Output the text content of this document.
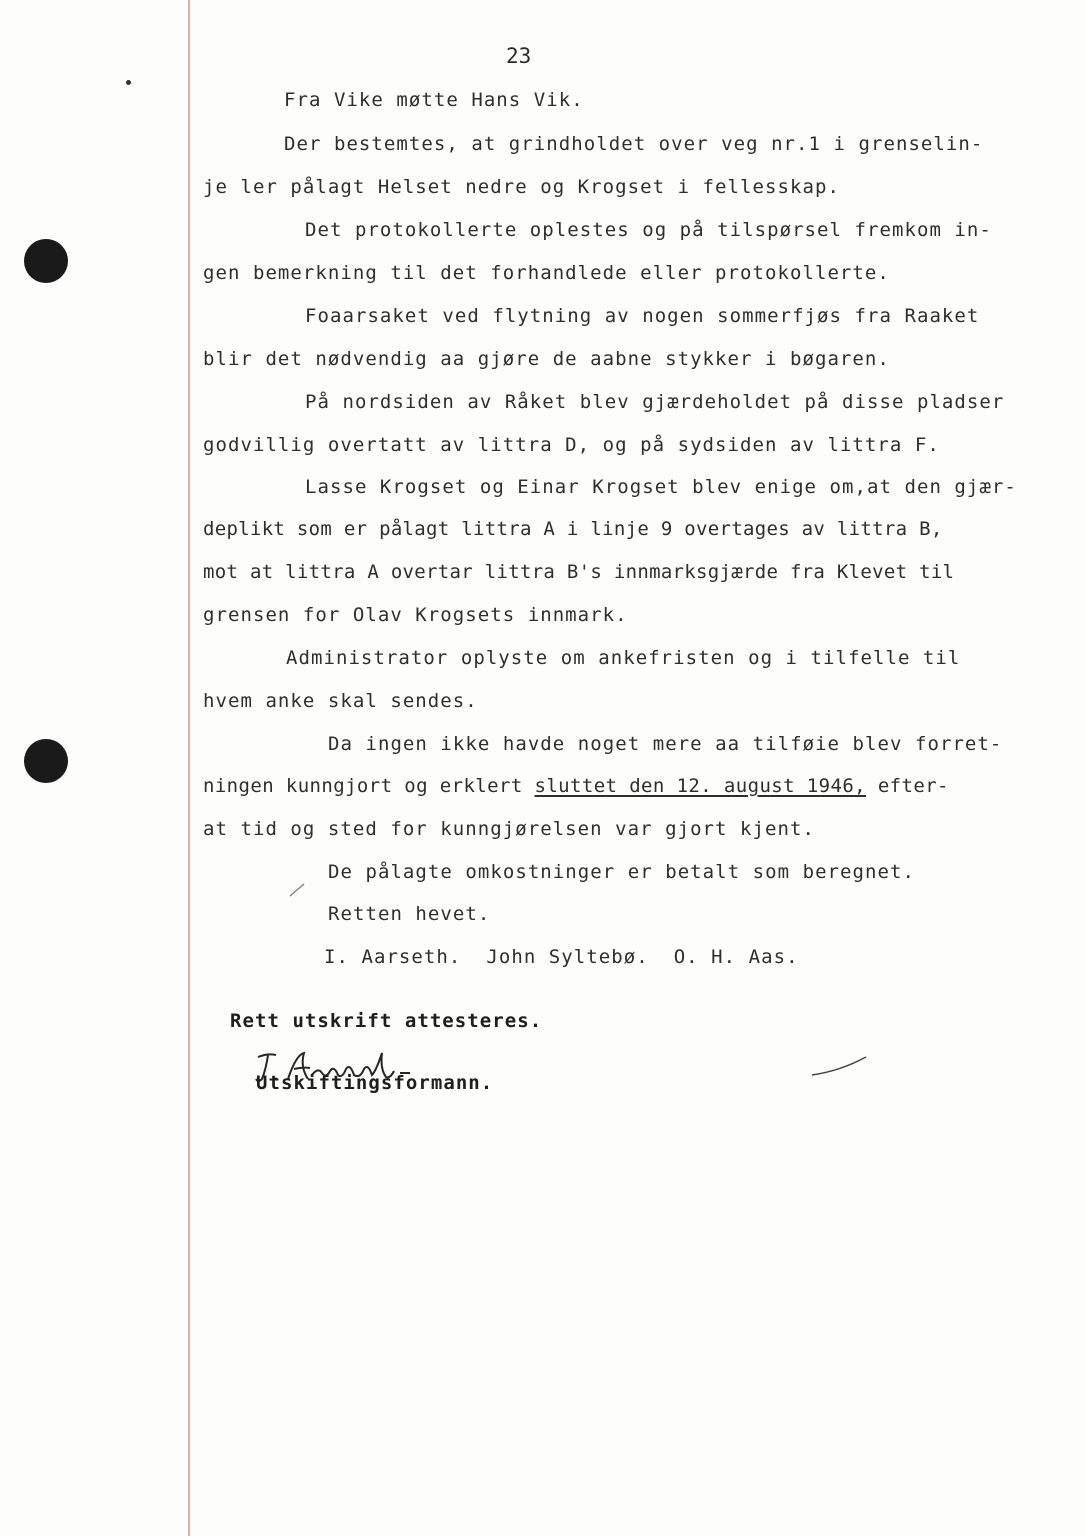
23
Fra Vike møtte Hans Vik.
Der bestemtes, at grindholdet over veg nr.1 i grenselin-
je ler pålagt Helset nedre og Krogset i fellesskap.
Det protokollerte oplestes og på tilspørsel fremkom in-
gen bemerkning til det forhandlede eller protokollerte.
Foaarsaket ved flytning av nogen sommerfjøs fra Raaket
blir det nødvendig aa gjøre de aabne stykker i bøgaren.
På nordsiden av Råket blev gjærdeholdet på disse pladser
godvillig overtatt av littra D, og på sydsiden av littra F.
Lasse Krogset og Einar Krogset blev enige om,at den gjær-
deplikt som er pålagt littra A i linje 9 overtages av littra B,
mot at littra A overtar littra B's innmarksgjærde fra Klevet til
grensen for Olav Krogsets innmark.
Administrator oplyste om ankefristen og i tilfelle til
hvem anke skal sendes.
Da ingen ikke havde noget mere aa tilføie blev forret-
ningen kunngjort og erklert sluttet den 12. august 1946, efter-
at tid og sted for kunngjørelsen var gjort kjent.
De pålagte omkostninger er betalt som beregnet.
Retten hevet.
I. Aarseth.  John Syltebø.  O. H. Aas.
Rett utskrift attesteres.
Utskiftingsformann.
